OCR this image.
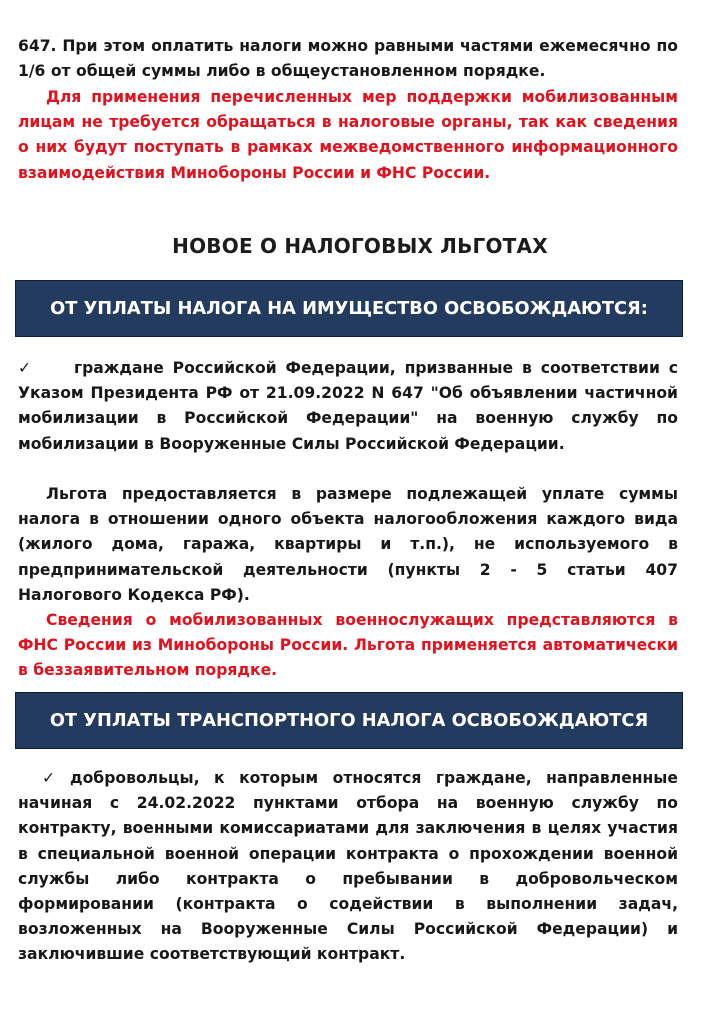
647. При этом оплатить налоги можно равными частями ежемесячно по 1/6 от общей суммы либо в общеустановленном порядке.

Для применения перечисленных мер поддержки мобилизованным лицам не требуется обращаться в налоговые органы, так как сведения о них будут поступать в рамках межведомственного информационного взаимодействия Минобороны России и ФНС России.

НОВОЕ О НАЛОГОВЫХ ЛЬГОТАХ
ОТ УПЛАТЫ НАЛОГА НА ИМУЩЕСТВО ОСВОБОЖДАЮТСЯ:

✓	граждане Российской Федерации, призванные в соответствии с Указом Президента РФ от 21.09.2022 N 647 "Об объявлении частичной мобилизации в Российской Федерации" на военную службу по мобилизации в Вооруженные Силы Российской Федерации.

Льгота предоставляется в размере подлежащей уплате суммы налога в отношении одного объекта налогообложения каждого вида (жилого дома, гаража, квартиры и т.п.), не используемого в предпринимательской деятельности (пункты 2 - 5 статьи 407 Налогового Кодекса РФ).

Сведения о мобилизованных военнослужащих представляются в ФНС России из Минобороны России. Льгота применяется автоматически в беззаявительном порядке.

ОТ УПЛАТЫ ТРАНСПОРТНОГО НАЛОГА ОСВОБОЖДАЮТСЯ

✓ добровольцы, к которым относятся граждане, направленные начиная с 24.02.2022 пунктами отбора на военную службу по контракту, военными комиссариатами для заключения в целях участия в специальной военной операции контракта о прохождении военной службы либо контракта о пребывании в добровольческом формировании (контракта о содействии в выполнении задач, возложенных на Вооруженные Силы Российской Федерации) и заключившие соответствующий контракт.
